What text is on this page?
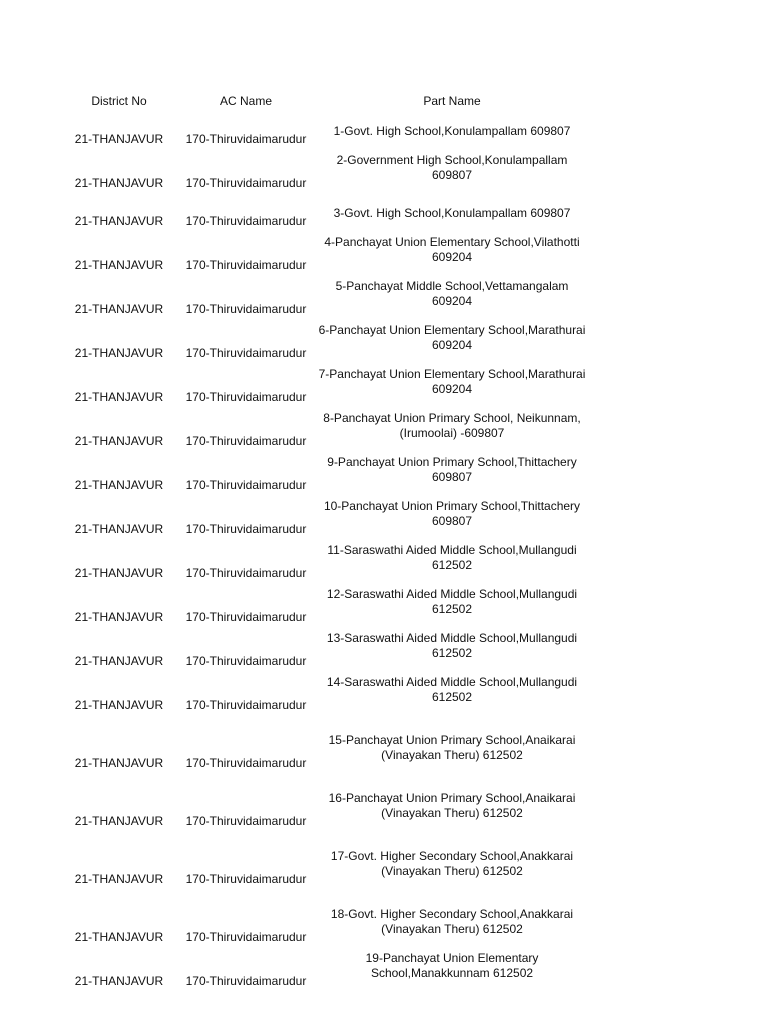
District No	AC Name	Part Name

21-THANJAVUR	170-Thiruvidaimarudur	1-Govt. High School,Konulampallam 609807
21-THANJAVUR	170-Thiruvidaimarudur	2-Government High School,Konulampallam 609807
21-THANJAVUR	170-Thiruvidaimarudur	3-Govt. High School,Konulampallam 609807
21-THANJAVUR	170-Thiruvidaimarudur	4-Panchayat Union Elementary School,Vilathotti 609204
21-THANJAVUR	170-Thiruvidaimarudur	5-Panchayat Middle School,Vettamangalam 609204
21-THANJAVUR	170-Thiruvidaimarudur	6-Panchayat Union Elementary School,Marathurai 609204
21-THANJAVUR	170-Thiruvidaimarudur	7-Panchayat Union Elementary School,Marathurai 609204
21-THANJAVUR	170-Thiruvidaimarudur	8-Panchayat Union Primary School, Neikunnam, (Irumoolai) -609807
21-THANJAVUR	170-Thiruvidaimarudur	9-Panchayat Union Primary School,Thittachery 609807
21-THANJAVUR	170-Thiruvidaimarudur	10-Panchayat Union Primary School,Thittachery 609807
21-THANJAVUR	170-Thiruvidaimarudur	11-Saraswathi Aided Middle School,Mullangudi 612502
21-THANJAVUR	170-Thiruvidaimarudur	12-Saraswathi Aided Middle School,Mullangudi 612502
21-THANJAVUR	170-Thiruvidaimarudur	13-Saraswathi Aided Middle School,Mullangudi 612502
21-THANJAVUR	170-Thiruvidaimarudur	14-Saraswathi Aided Middle School,Mullangudi 612502
21-THANJAVUR	170-Thiruvidaimarudur	15-Panchayat Union Primary School,Anaikarai (Vinayakan Theru) 612502
21-THANJAVUR	170-Thiruvidaimarudur	16-Panchayat Union Primary School,Anaikarai (Vinayakan Theru) 612502
21-THANJAVUR	170-Thiruvidaimarudur	17-Govt. Higher Secondary School,Anakkarai (Vinayakan Theru) 612502
21-THANJAVUR	170-Thiruvidaimarudur	18-Govt. Higher Secondary School,Anakkarai (Vinayakan Theru) 612502
21-THANJAVUR	170-Thiruvidaimarudur	19-Panchayat Union Elementary School,Manakkunnam 612502
